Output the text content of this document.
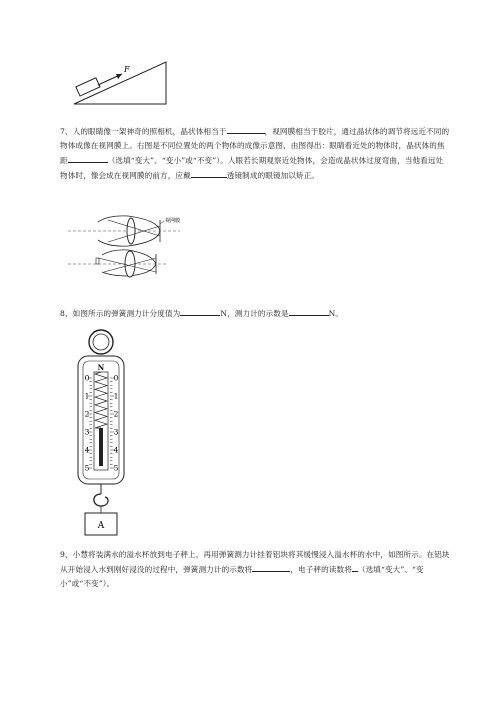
F
7、人的眼睛像一架神奇的照相机，晶状体相当于	，视网膜相当于胶片，通过晶状体的调节将远近不同的物体成像在视网膜上。右图是不同位置处的两个物体的成像示意图，由图得出：眼睛看近处的物体时，晶状体的焦距	（选填“变大”、“变小”或“不变”）。人眼若长期观察近处物体，会造成晶状体过度弯曲，当他看远处物体时，像会成在视网膜的前方，应戴	透镜制成的眼镜加以矫正。
视网膜
8、如图所示的弹簧测力计分度值为	N，测力计的示数是	N。
N
0
1
2
3
4
5
0
1
2
3
4
5
A
9、小慧将装满水的溢水杯放到电子秤上，再用弹簧测力计挂着铝块将其缓慢浸入溢水杯的水中，如图所示。在铝块从开始浸入水到刚好浸没的过程中，弹簧测力计的示数将	，电子秤的读数将 （选填“变大”、“变小”或“不变”）。
